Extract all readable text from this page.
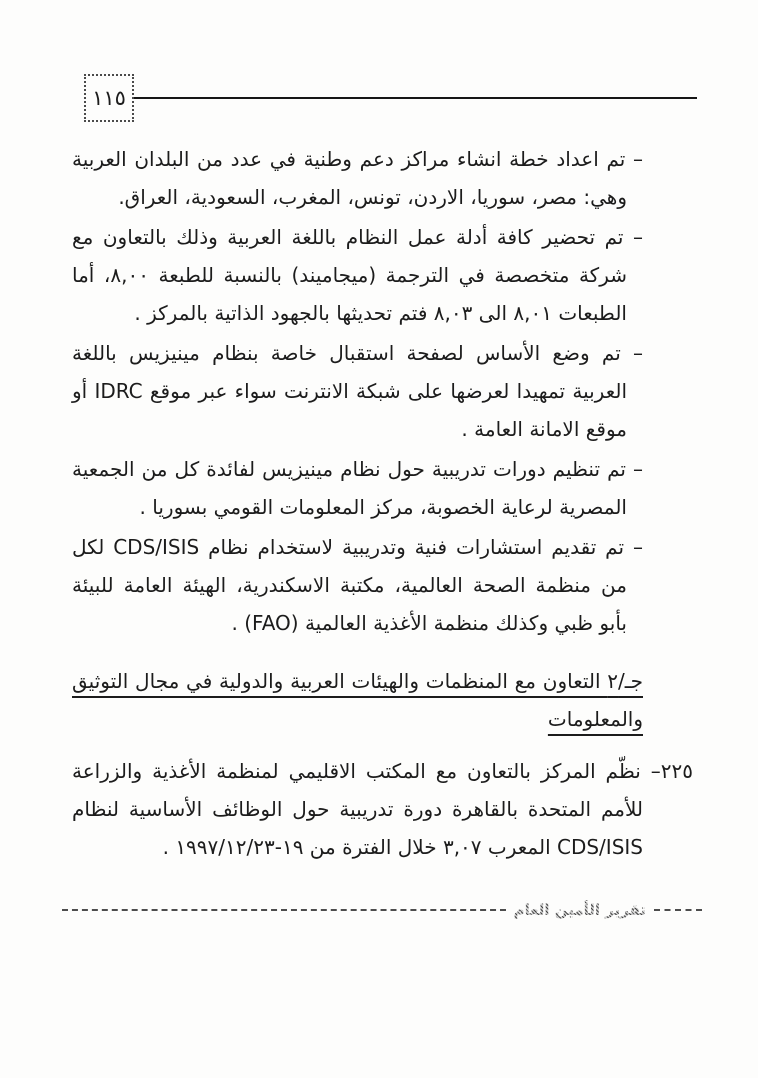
١١٥
– تم اعداد خطة انشاء مراكز دعم وطنية في عدد من البلدان العربية وهي: مصر، سوريا، الاردن، تونس، المغرب، السعودية، العراق.
– تم تحضير كافة أدلة عمل النظام باللغة العربية وذلك بالتعاون مع شركة متخصصة في الترجمة (ميجاميند) بالنسبة للطبعة ٨,٠٠، أما الطبعات ٨,٠١ الى ٨,٠٣ فتم تحديثها بالجهود الذاتية بالمركز .
– تم وضع الأساس لصفحة استقبال خاصة بنظام مينيزيس باللغة العربية تمهيدا لعرضها على شبكة الانترنت سواء عبر موقع IDRC أو موقع الامانة العامة .
– تم تنظيم دورات تدريبية حول نظام مينيزيس لفائدة كل من الجمعية المصرية لرعاية الخصوبة، مركز المعلومات القومي بسوريا .
– تم تقديم استشارات فنية وتدريبية لاستخدام نظام CDS/ISIS لكل من منظمة الصحة العالمية، مكتبة الاسكندرية، الهيئة العامة للبيئة بأبو ظبي وكذلك منظمة الأغذية العالمية (FAO) .
جـ/٢ التعاون مع المنظمات والهيئات العربية والدولية في مجال التوثيق
والمعلومات
٢٢٥– نظّم المركز بالتعاون مع المكتب الاقليمي لمنظمة الأغذية والزراعة للأمم المتحدة بالقاهرة دورة تدريبية حول الوظائف الأساسية لنظام CDS/ISIS المعرب ٣,٠٧ خلال الفترة من ١٩-١٩٩٧/١٢/٢٣ .
تقرير الأمين العام
